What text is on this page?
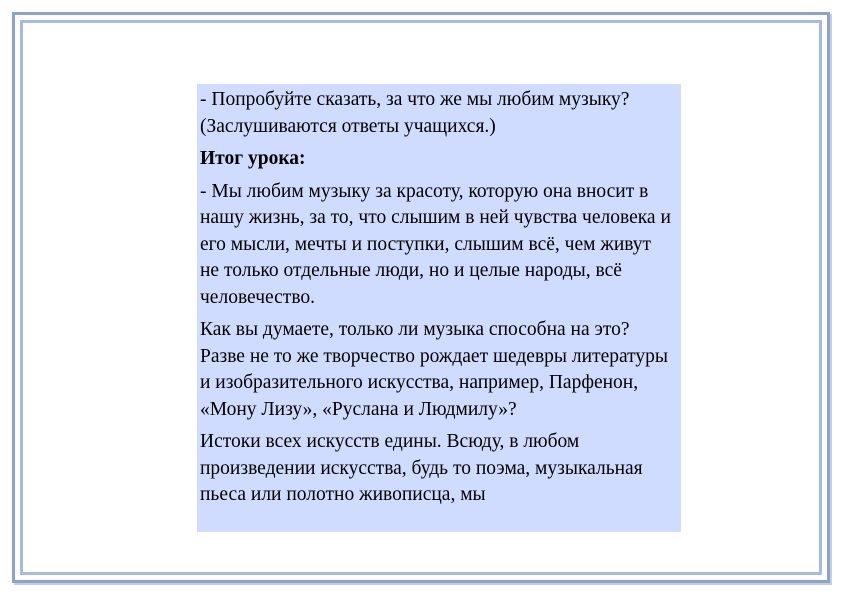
- Попробуйте сказать, за что же мы любим музыку? (Заслушиваются ответы учащихся.)

Итог урока:

- Мы любим музыку за красоту, которую она вносит в нашу жизнь, за то, что слышим в ней чувства человека и его мысли, мечты и поступки, слышим всё, чем живут не только отдельные люди, но и целые народы, всё человечество.

Как вы думаете, только ли музыка способна на это? Разве не то же творчество рождает шедевры литературы и изобразительного искусства, например, Парфенон, «Мону Лизу», «Руслана и Людмилу»?

Истоки всех искусств едины. Всюду, в любом произведении искусства, будь то поэма, музыкальная пьеса или полотно живописца, мы
